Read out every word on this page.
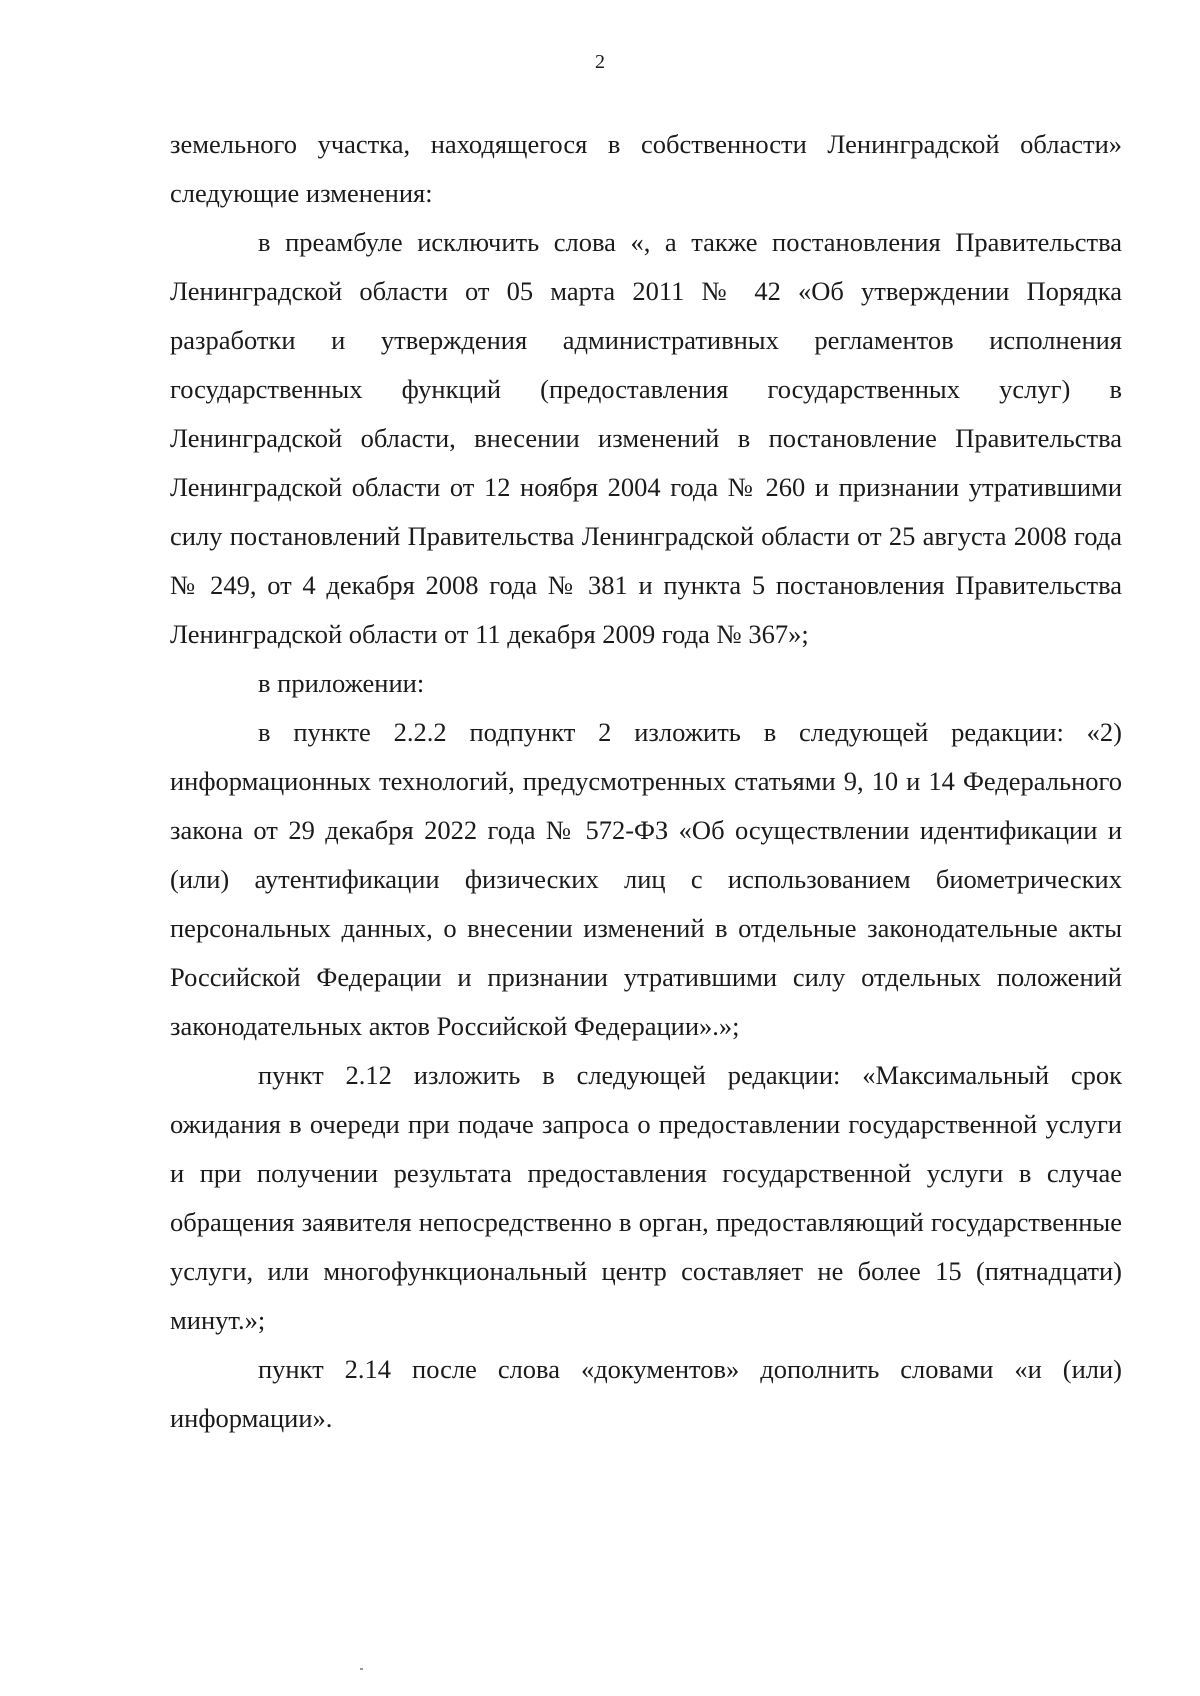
2

земельного участка, находящегося в собственности Ленинградской области» следующие изменения:

в преамбуле исключить слова «, а также постановления Правительства Ленинградской области от 05 марта 2011 № 42 «Об утверждении Порядка разработки и утверждения административных регламентов исполнения государственных функций (предоставления государственных услуг) в Ленинградской области, внесении изменений в постановление Правительства Ленинградской области от 12 ноября 2004 года № 260 и признании утратившими силу постановлений Правительства Ленинградской области от 25 августа 2008 года № 249, от 4 декабря 2008 года № 381 и пункта 5 постановления Правительства Ленинградской области от 11 декабря 2009 года № 367»;

в приложении:

в пункте 2.2.2 подпункт 2 изложить в следующей редакции: «2) информационных технологий, предусмотренных статьями 9, 10 и 14 Федерального закона от 29 декабря 2022 года № 572-ФЗ «Об осуществлении идентификации и (или) аутентификации физических лиц с использованием биометрических персональных данных, о внесении изменений в отдельные законодательные акты Российской Федерации и признании утратившими силу отдельных положений законодательных актов Российской Федерации».»;

пункт 2.12 изложить в следующей редакции: «Максимальный срок ожидания в очереди при подаче запроса о предоставлении государственной услуги и при получении результата предоставления государственной услуги в случае обращения заявителя непосредственно в орган, предоставляющий государственные услуги, или многофункциональный центр составляет не более 15 (пятнадцати) минут.»;

пункт 2.14 после слова «документов» дополнить словами «и (или) информации».
